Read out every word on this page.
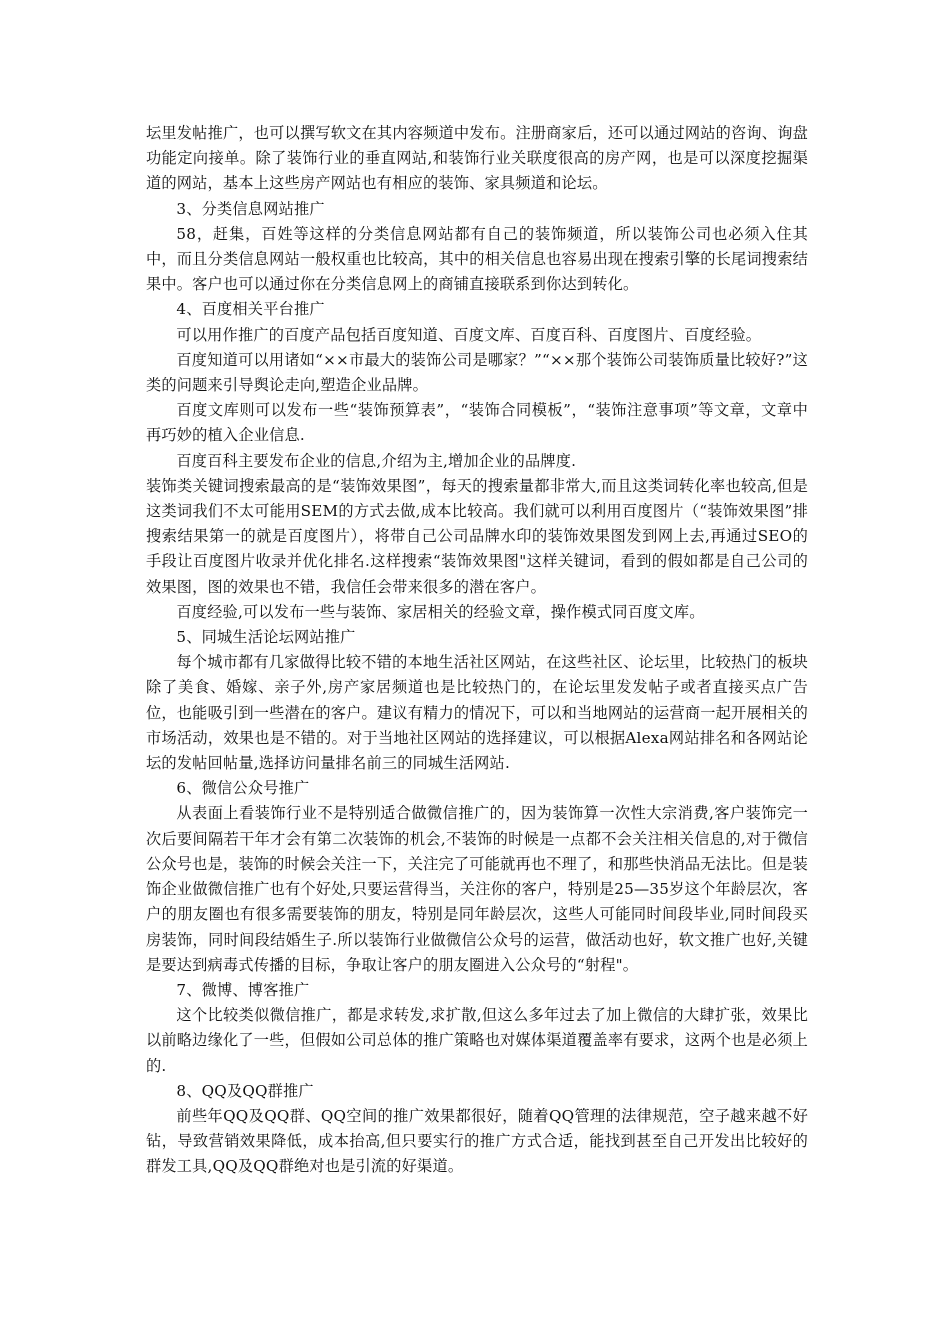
坛里发帖推广，也可以撰写软文在其内容频道中发布。注册商家后，还可以通过网站的咨询、询盘功能定向接单。除了装饰行业的垂直网站,和装饰行业关联度很高的房产网，也是可以深度挖掘渠道的网站，基本上这些房产网站也有相应的装饰、家具频道和论坛。

3、分类信息网站推广

58，赶集，百姓等这样的分类信息网站都有自己的装饰频道，所以装饰公司也必须入住其中，而且分类信息网站一般权重也比较高，其中的相关信息也容易出现在搜索引擎的长尾词搜索结果中。客户也可以通过你在分类信息网上的商铺直接联系到你达到转化。

4、百度相关平台推广

可以用作推广的百度产品包括百度知道、百度文库、百度百科、百度图片、百度经验。

百度知道可以用诸如“××市最大的装饰公司是哪家？”“××那个装饰公司装饰质量比较好?”这类的问题来引导舆论走向,塑造企业品牌。

百度文库则可以发布一些“装饰预算表”，“装饰合同模板”，“装饰注意事项”等文章，文章中再巧妙的植入企业信息.

百度百科主要发布企业的信息,介绍为主,增加企业的品牌度.

装饰类关键词搜索最高的是“装饰效果图”，每天的搜索量都非常大,而且这类词转化率也较高,但是这类词我们不太可能用SEM的方式去做,成本比较高。我们就可以利用百度图片（“装饰效果图”排搜索结果第一的就是百度图片），将带自己公司品牌水印的装饰效果图发到网上去,再通过SEO的手段让百度图片收录并优化排名.这样搜索“装饰效果图"这样关键词，看到的假如都是自己公司的效果图，图的效果也不错，我信任会带来很多的潜在客户。

百度经验,可以发布一些与装饰、家居相关的经验文章，操作模式同百度文库。

5、同城生活论坛网站推广

每个城市都有几家做得比较不错的本地生活社区网站，在这些社区、论坛里，比较热门的板块除了美食、婚嫁、亲子外,房产家居频道也是比较热门的，在论坛里发发帖子或者直接买点广告位，也能吸引到一些潜在的客户。建议有精力的情况下，可以和当地网站的运营商一起开展相关的市场活动，效果也是不错的。对于当地社区网站的选择建议，可以根据Alexa网站排名和各网站论坛的发帖回帖量,选择访问量排名前三的同城生活网站.

6、微信公众号推广

从表面上看装饰行业不是特别适合做微信推广的，因为装饰算一次性大宗消费,客户装饰完一次后要间隔若干年才会有第二次装饰的机会,不装饰的时候是一点都不会关注相关信息的,对于微信公众号也是，装饰的时候会关注一下，关注完了可能就再也不理了，和那些快消品无法比。但是装饰企业做微信推广也有个好处,只要运营得当，关注你的客户，特别是25—35岁这个年龄层次，客户的朋友圈也有很多需要装饰的朋友，特别是同年龄层次，这些人可能同时间段毕业,同时间段买房装饰，同时间段结婚生子.所以装饰行业做微信公众号的运营，做活动也好，软文推广也好,关键是要达到病毒式传播的目标，争取让客户的朋友圈进入公众号的“射程"。

7、微博、博客推广

这个比较类似微信推广，都是求转发,求扩散,但这么多年过去了加上微信的大肆扩张，效果比以前略边缘化了一些，但假如公司总体的推广策略也对媒体渠道覆盖率有要求，这两个也是必须上的.

8、QQ及QQ群推广

前些年QQ及QQ群、QQ空间的推广效果都很好，随着QQ管理的法律规范，空子越来越不好钻，导致营销效果降低，成本抬高,但只要实行的推广方式合适，能找到甚至自己开发出比较好的群发工具,QQ及QQ群绝对也是引流的好渠道。
